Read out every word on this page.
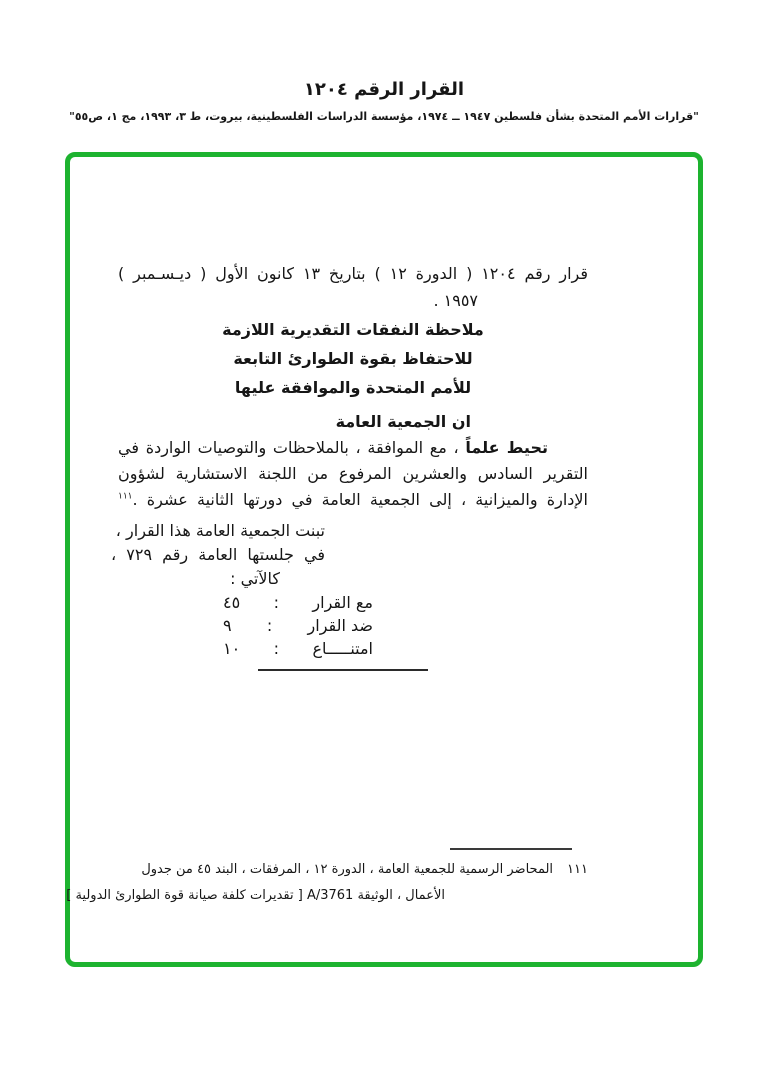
القرار الرقم ١٢٠٤
"قرارات الأمم المتحدة بشأن فلسطين ١٩٤٧ ــ ١٩٧٤، مؤسسة الدراسات الفلسطينية، بيروت، ط ٣، ١٩٩٣، مج ١، ص٥٥"
قرار رقم ١٢٠٤ ( الدورة ١٢ ) بتاريخ ١٣ كانون الأول ( ديـسـمبر )
١٩٥٧ .
ملاحظة النفقات التقديرية اللازمة
للاحتفاظ بقوة الطوارئ التابعة
للأمم المتحدة والموافقة عليها
ان الجمعية العامة
تحيط علماً ، مع الموافقة ، بالملاحظات والتوصيات الواردة في
التقرير السادس والعشرين المرفوع من اللجنة الاستشارية لشؤون
الإدارة والميزانية ، إلى الجمعية العامة في دورتها الثانية عشرة .$^{١١١}$
تبنت الجمعية العامة هذا القرار ،
في جلستها العامة رقم ٧٢٩ ،
كالآتي :
مع القرار
:
٤٥
ضد القرار
:
٩
امتنـــــاع
:
١٠
١١١
المحاضر الرسمية للجمعية العامة ، الدورة ١٢ ، المرفقات ، البند ٤٥ من جدول
الأعمال ، الوثيقة A/3761 [ تقديرات كلفة صيانة قوة الطوارئ الدولية ]
